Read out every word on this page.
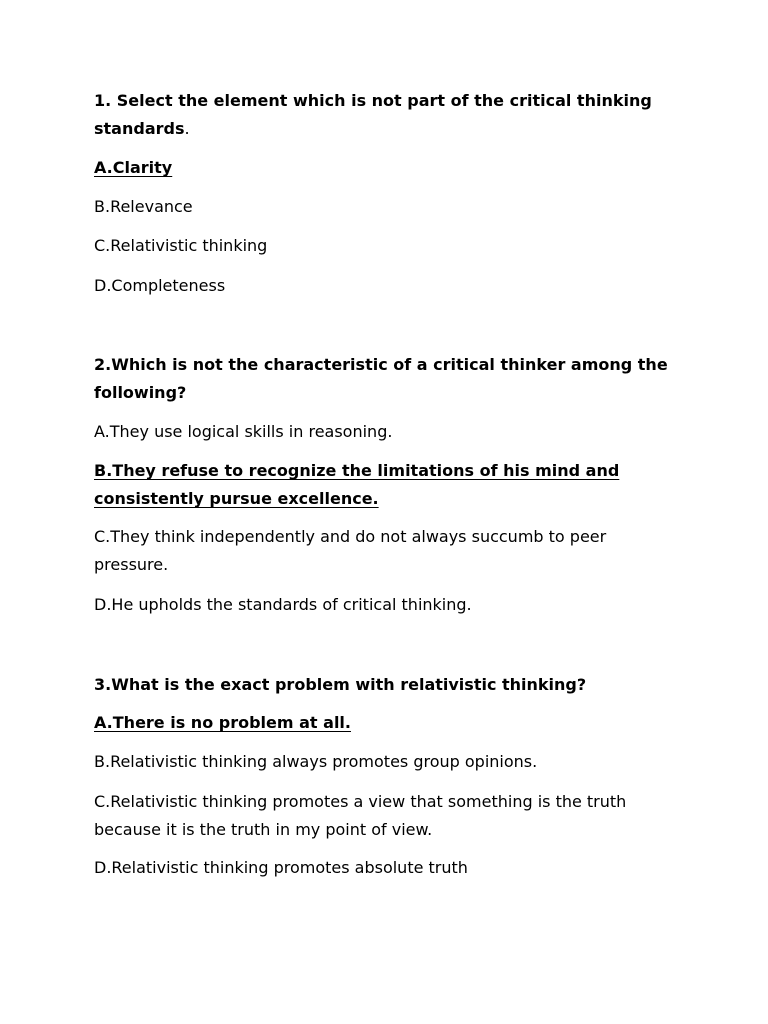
1. Select the element which is not part of the critical thinking standards.

A.Clarity

B.Relevance

C.Relativistic thinking

D.Completeness

2.Which is not the characteristic of a critical thinker among the following?

A.They use logical skills in reasoning.

B.They refuse to recognize the limitations of his mind and consistently pursue excellence.

C.They think independently and do not always succumb to peer pressure.

D.He upholds the standards of critical thinking.

3.What is the exact problem with relativistic thinking?

A.There is no problem at all.

B.Relativistic thinking always promotes group opinions.

C.Relativistic thinking promotes a view that something is the truth because it is the truth in my point of view.

D.Relativistic thinking promotes absolute truth
